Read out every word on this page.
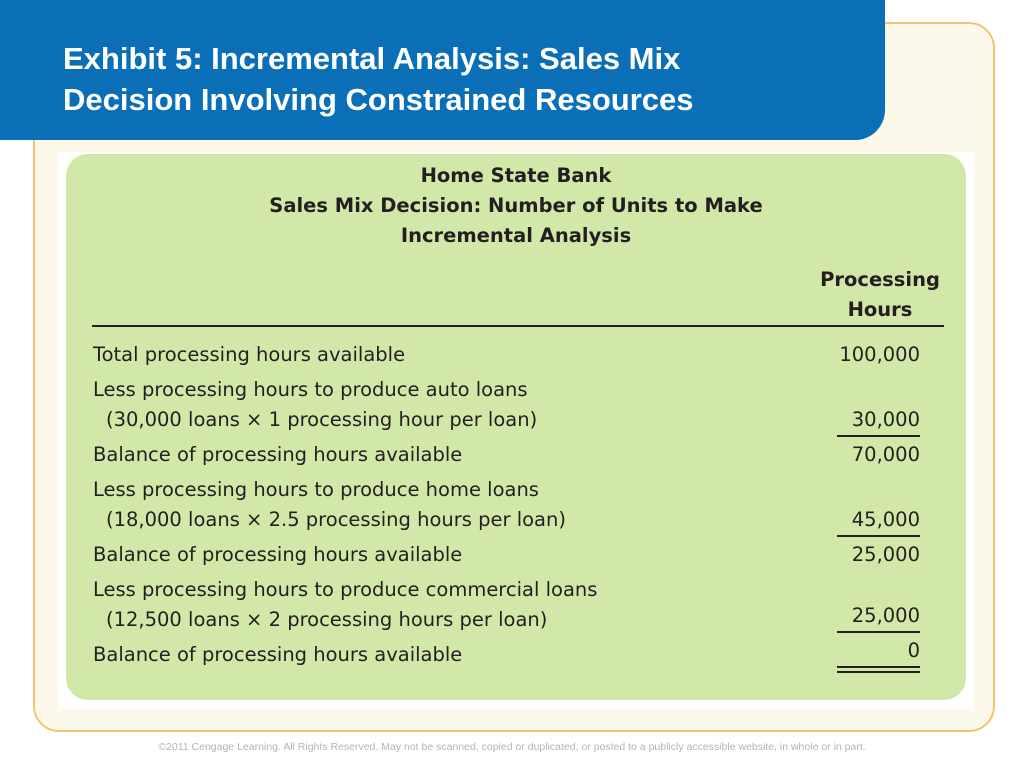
Exhibit 5: Incremental Analysis: Sales Mix
Decision Involving Constrained Resources
Home State Bank
Sales Mix Decision: Number of Units to Make
Incremental Analysis
Processing
Hours
Total processing hours available	100,000
Less processing hours to produce auto loans
(30,000 loans × 1 processing hour per loan)	30,000
Balance of processing hours available	70,000
Less processing hours to produce home loans
(18,000 loans × 2.5 processing hours per loan)	45,000
Balance of processing hours available	25,000
Less processing hours to produce commercial loans
(12,500 loans × 2 processing hours per loan)	25,000
Balance of processing hours available	0
©2011 Cengage Learning. All Rights Reserved. May not be scanned, copied or duplicated, or posted to a publicly accessible website, in whole or in part.
